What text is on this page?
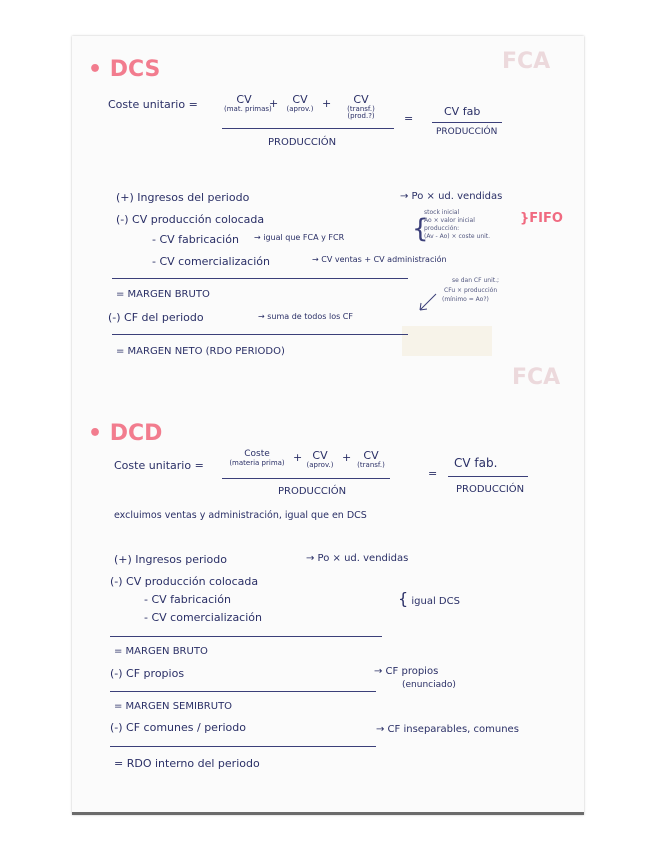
FCA
FCA
• DCS
Coste unitario =	CV
(mat. primas)
+	CV
(aprov.) +	CV
(transf.) (prod.?)
PRODUCCIÓN
=
CV fab
PRODUCCIÓN
(+) Ingresos del periodo
(-) CV producción colocada
- CV fabricación
- CV comercialización
= MARGEN BRUTO
(-) CF del periodo
= MARGEN NETO (RDO PERIODO)
→ Po × ud. vendidas
→ igual que FCA y FCR
→ CV ventas + CV administración
→ suma de todos los CF
{
stock inicial
Ao × valor inicial
producción:
(Av - Ao) × coste unit.
}FIFO
se dan CF unit.;
CFu × producción
(mínimo = Ao?)
• DCD
Coste unitario =
Coste
(materia prima) + CV
(aprov.)
+	CV
(transf.)
PRODUCCIÓN
=
CV fab.
PRODUCCIÓN
excluimos ventas y administración, igual que en DCS
(+) Ingresos periodo
(-) CV producción colocada
- CV fabricación
- CV comercialización
= MARGEN BRUTO
(-) CF propios
= MARGEN SEMIBRUTO
(-) CF comunes / periodo
= RDO interno del periodo
→ Po × ud. vendidas
{ igual DCS
→ CF propios
(enunciado)
→ CF inseparables, comunes
